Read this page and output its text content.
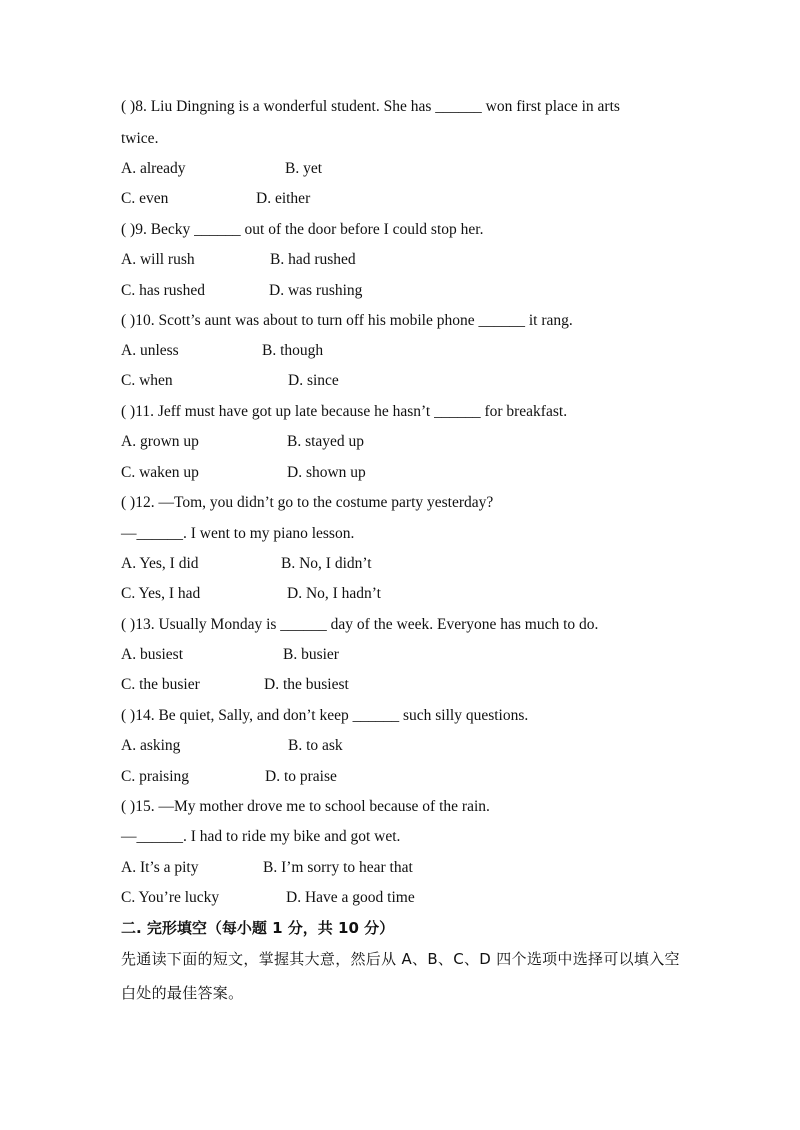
( )8. Liu Dingning is a wonderful student. She has ______ won first place in arts
twice.
A. already	B. yet
C. even	D. either
( )9. Becky ______ out of the door before I could stop her.
A. will rush	B. had rushed
C. has rushed	D. was rushing
( )10. Scott’s aunt was about to turn off his mobile phone ______ it rang.
A. unless	B. though
C. when	D. since
( )11. Jeff must have got up late because he hasn’t ______ for breakfast.
A. grown up	B. stayed up
C. waken up	D. shown up
( )12. —Tom, you didn’t go to the costume party yesterday?
—______. I went to my piano lesson.
A. Yes, I did	B. No, I didn’t
C. Yes, I had	D. No, I hadn’t
( )13. Usually Monday is ______ day of the week. Everyone has much to do.
A. busiest	B. busier
C. the busier	D. the busiest
( )14. Be quiet, Sally, and don’t keep ______ such silly questions.
A. asking	B. to ask
C. praising	D. to praise
( )15. —My mother drove me to school because of the rain.
—______. I had to ride my bike and got wet.
A. It’s a pity	B. I’m sorry to hear that
C. You’re lucky	D. Have a good time
二. 完形填空（每小题 1 分，共 10 分）
先通读下面的短文，掌握其大意，然后从 A、B、C、D 四个选项中选择可以填入空
白处的最佳答案。
